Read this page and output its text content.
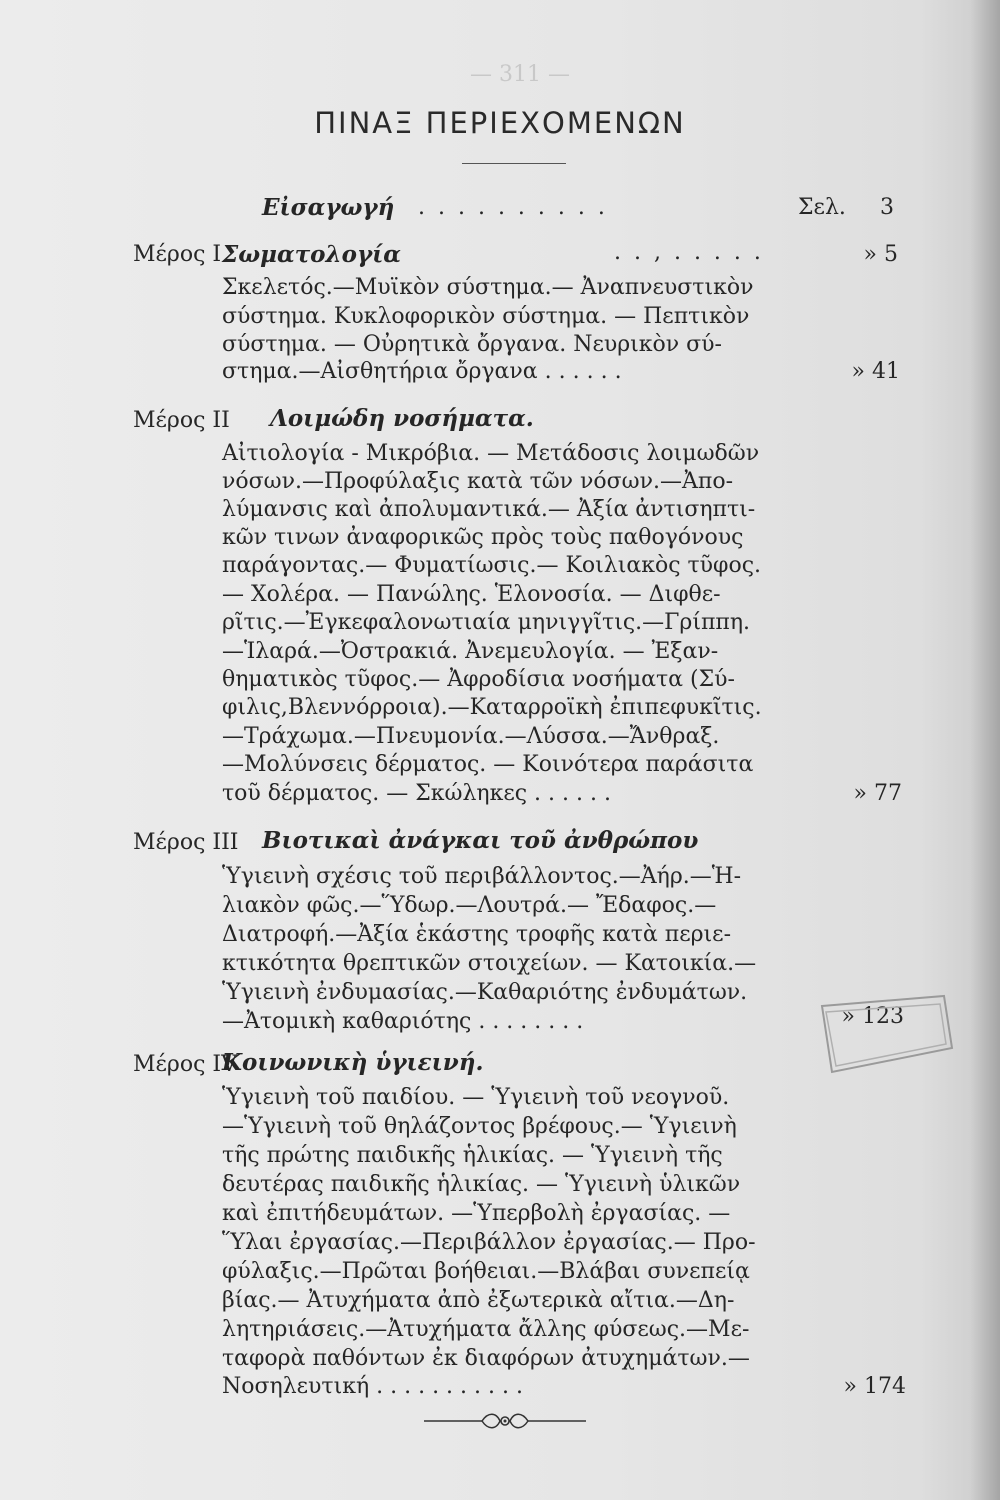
— 311 —
ΠΙΝΑΞ ΠΕΡΙΕΧΟΜΕΝΩΝ
Εἰσαγωγή . . . . . . . . . .	Σελ. 3
Μέρος I Σωματολογία	. . , . . . . .	» 5
Σκελετός.—Μυϊκὸν σύστημα.— Ἀναπνευστικὸν
σύστημα. Κυκλοφορικὸν σύστημα. — Πεπτικὸν
σύστημα. — Οὐρητικὰ ὄργανα. Νευρικὸν σύ-
στημα.—Αἰσθητήρια ὄργανα . . . . . .	» 41
Μέρος II Λοιμώδη νοσήματα.
Αἰτιολογία - Μικρόβια. — Μετάδοσις λοιμωδῶν
νόσων.—Προφύλαξις κατὰ τῶν νόσων.—Ἀπο-
λύμανσις καὶ ἀπολυμαντικά.— Ἀξία ἀντισηπτι-
κῶν τινων ἀναφορικῶς πρὸς τοὺς παθογόνους
παράγοντας.— Φυματίωσις.— Κοιλιακὸς τῦφος.
— Χολέρα. — Πανώλης. Ἑλονοσία. — Διφθε-
ρῖτις.—Ἐγκεφαλονωτιαία μηνιγγῖτις.—Γρίππη.
—Ἱλαρά.—Ὀστρακιά. Ἀνεμευλογία. — Ἐξαν-
θηματικὸς τῦφος.— Ἀφροδίσια νοσήματα (Σύ-
φιλις,Βλεννόρροια).—Καταρροϊκὴ ἐπιπεφυκῖτις.
—Τράχωμα.—Πνευμονία.—Λύσσα.—Ἄνθραξ.
—Μολύνσεις δέρματος. — Κοινότερα παράσιτα
τοῦ δέρματος. — Σκώληκες . . . . . .	» 77
Μέρος III Βιοτικαὶ ἀνάγκαι τοῦ ἀνθρώπου
Ὑγιεινὴ σχέσις τοῦ περιβάλλοντος.—Ἀήρ.—Ἡ-
λιακὸν φῶς.—Ὕδωρ.—Λουτρά.— Ἔδαφος.—
Διατροφή.—Ἀξία ἑκάστης τροφῆς κατὰ περιε-
κτικότητα θρεπτικῶν στοιχείων. — Κατοικία.—
Ὑγιεινὴ ἐνδυμασίας.—Καθαριότης ἐνδυμάτων.
—Ἀτομικὴ καθαριότης . . . . . . . .	» 123
Μέρος IV
Κοινωνικὴ ὑγιεινή.
Ὑγιεινὴ τοῦ παιδίου. — Ὑγιεινὴ τοῦ νεογνοῦ.
—Ὑγιεινὴ τοῦ θηλάζοντος βρέφους.— Ὑγιεινὴ
τῆς πρώτης παιδικῆς ἡλικίας. — Ὑγιεινὴ τῆς
δευτέρας παιδικῆς ἡλικίας. — Ὑγιεινὴ ὑλικῶν
καὶ ἐπιτήδευμάτων. —Ὑπερβολὴ ἐργασίας. —
Ὕλαι ἐργασίας.—Περιβάλλον ἐργασίας.— Προ-
φύλαξις.—Πρῶται βοήθειαι.—Βλάβαι συνεπείᾳ
βίας.— Ἀτυχήματα ἀπὸ ἐξωτερικὰ αἴτια.—Δη-
λητηριάσεις.—Ἀτυχήματα ἄλλης φύσεως.—Με-
ταφορὰ παθόντων ἐκ διαφόρων ἀτυχημάτων.—
Νοσηλευτική . . . . . . . . . . .	» 174
